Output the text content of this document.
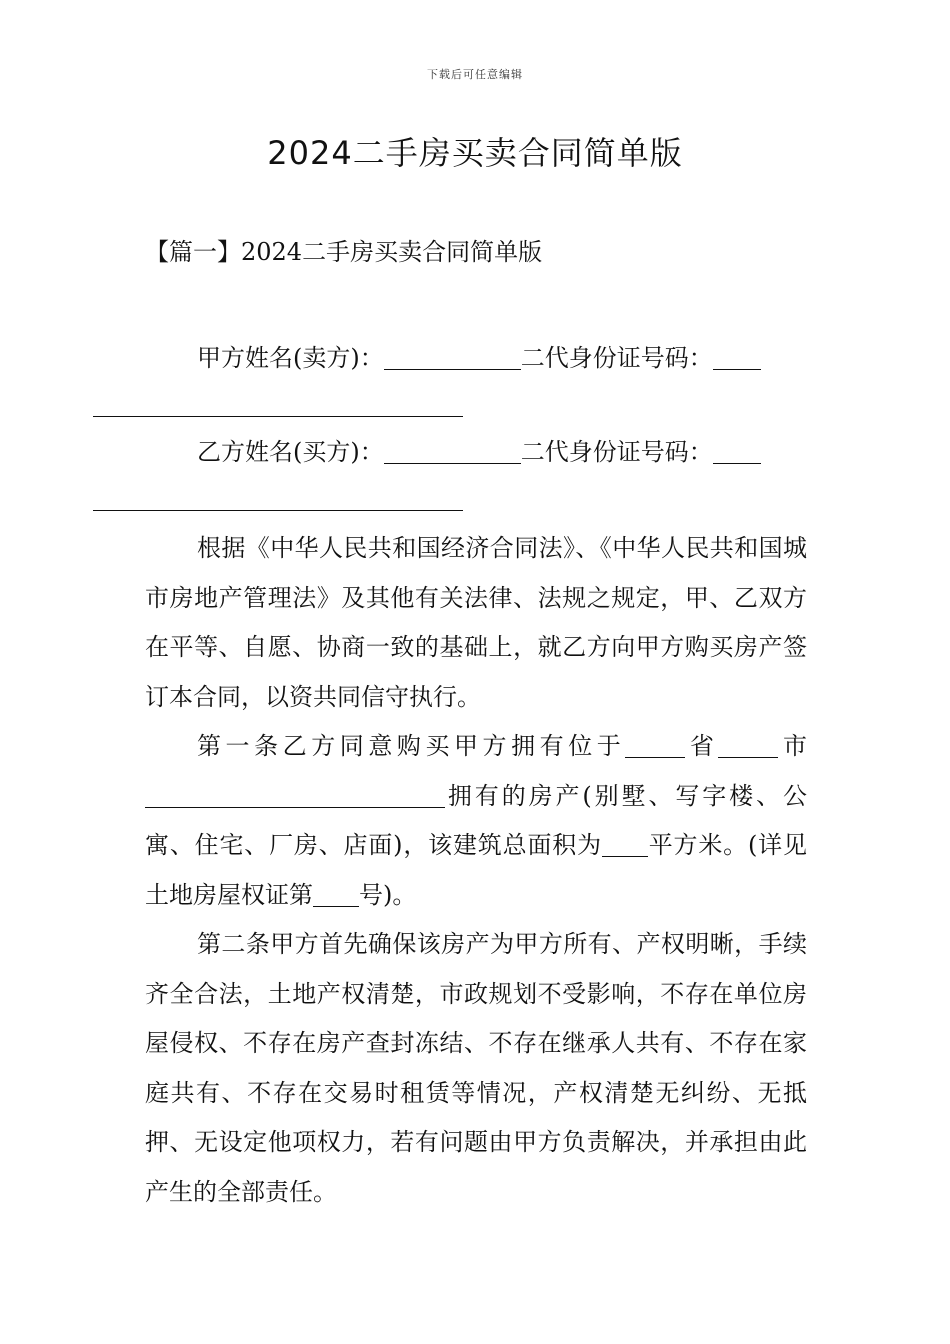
下载后可任意编辑
2024二手房买卖合同简单版
【篇一】2024二手房买卖合同简单版
甲方姓名(卖方)：	二代身份证号码：
乙方姓名(买方)：	二代身份证号码：

根据《中华人民共和国经济合同法》、《中华人民共和国城市房地产管理法》及其他有关法律、法规之规定，甲、乙双方在平等、自愿、协商一致的基础上，就乙方向甲方购买房产签订本合同，以资共同信守执行。

第一条乙方同意购买甲方拥有位于	省	市拥有的房产(别墅、写字楼、公寓、住宅、厂房、店面)，该建筑总面积为 平方米。(详见土地房屋权证第 号)。

第二条甲方首先确保该房产为甲方所有、产权明晰，手续齐全合法，土地产权清楚，市政规划不受影响，不存在单位房屋侵权、不存在房产查封冻结、不存在继承人共有、不存在家庭共有、不存在交易时租赁等情况，产权清楚无纠纷、无抵押、无设定他项权力，若有问题由甲方负责解决，并承担由此产生的全部责任。
